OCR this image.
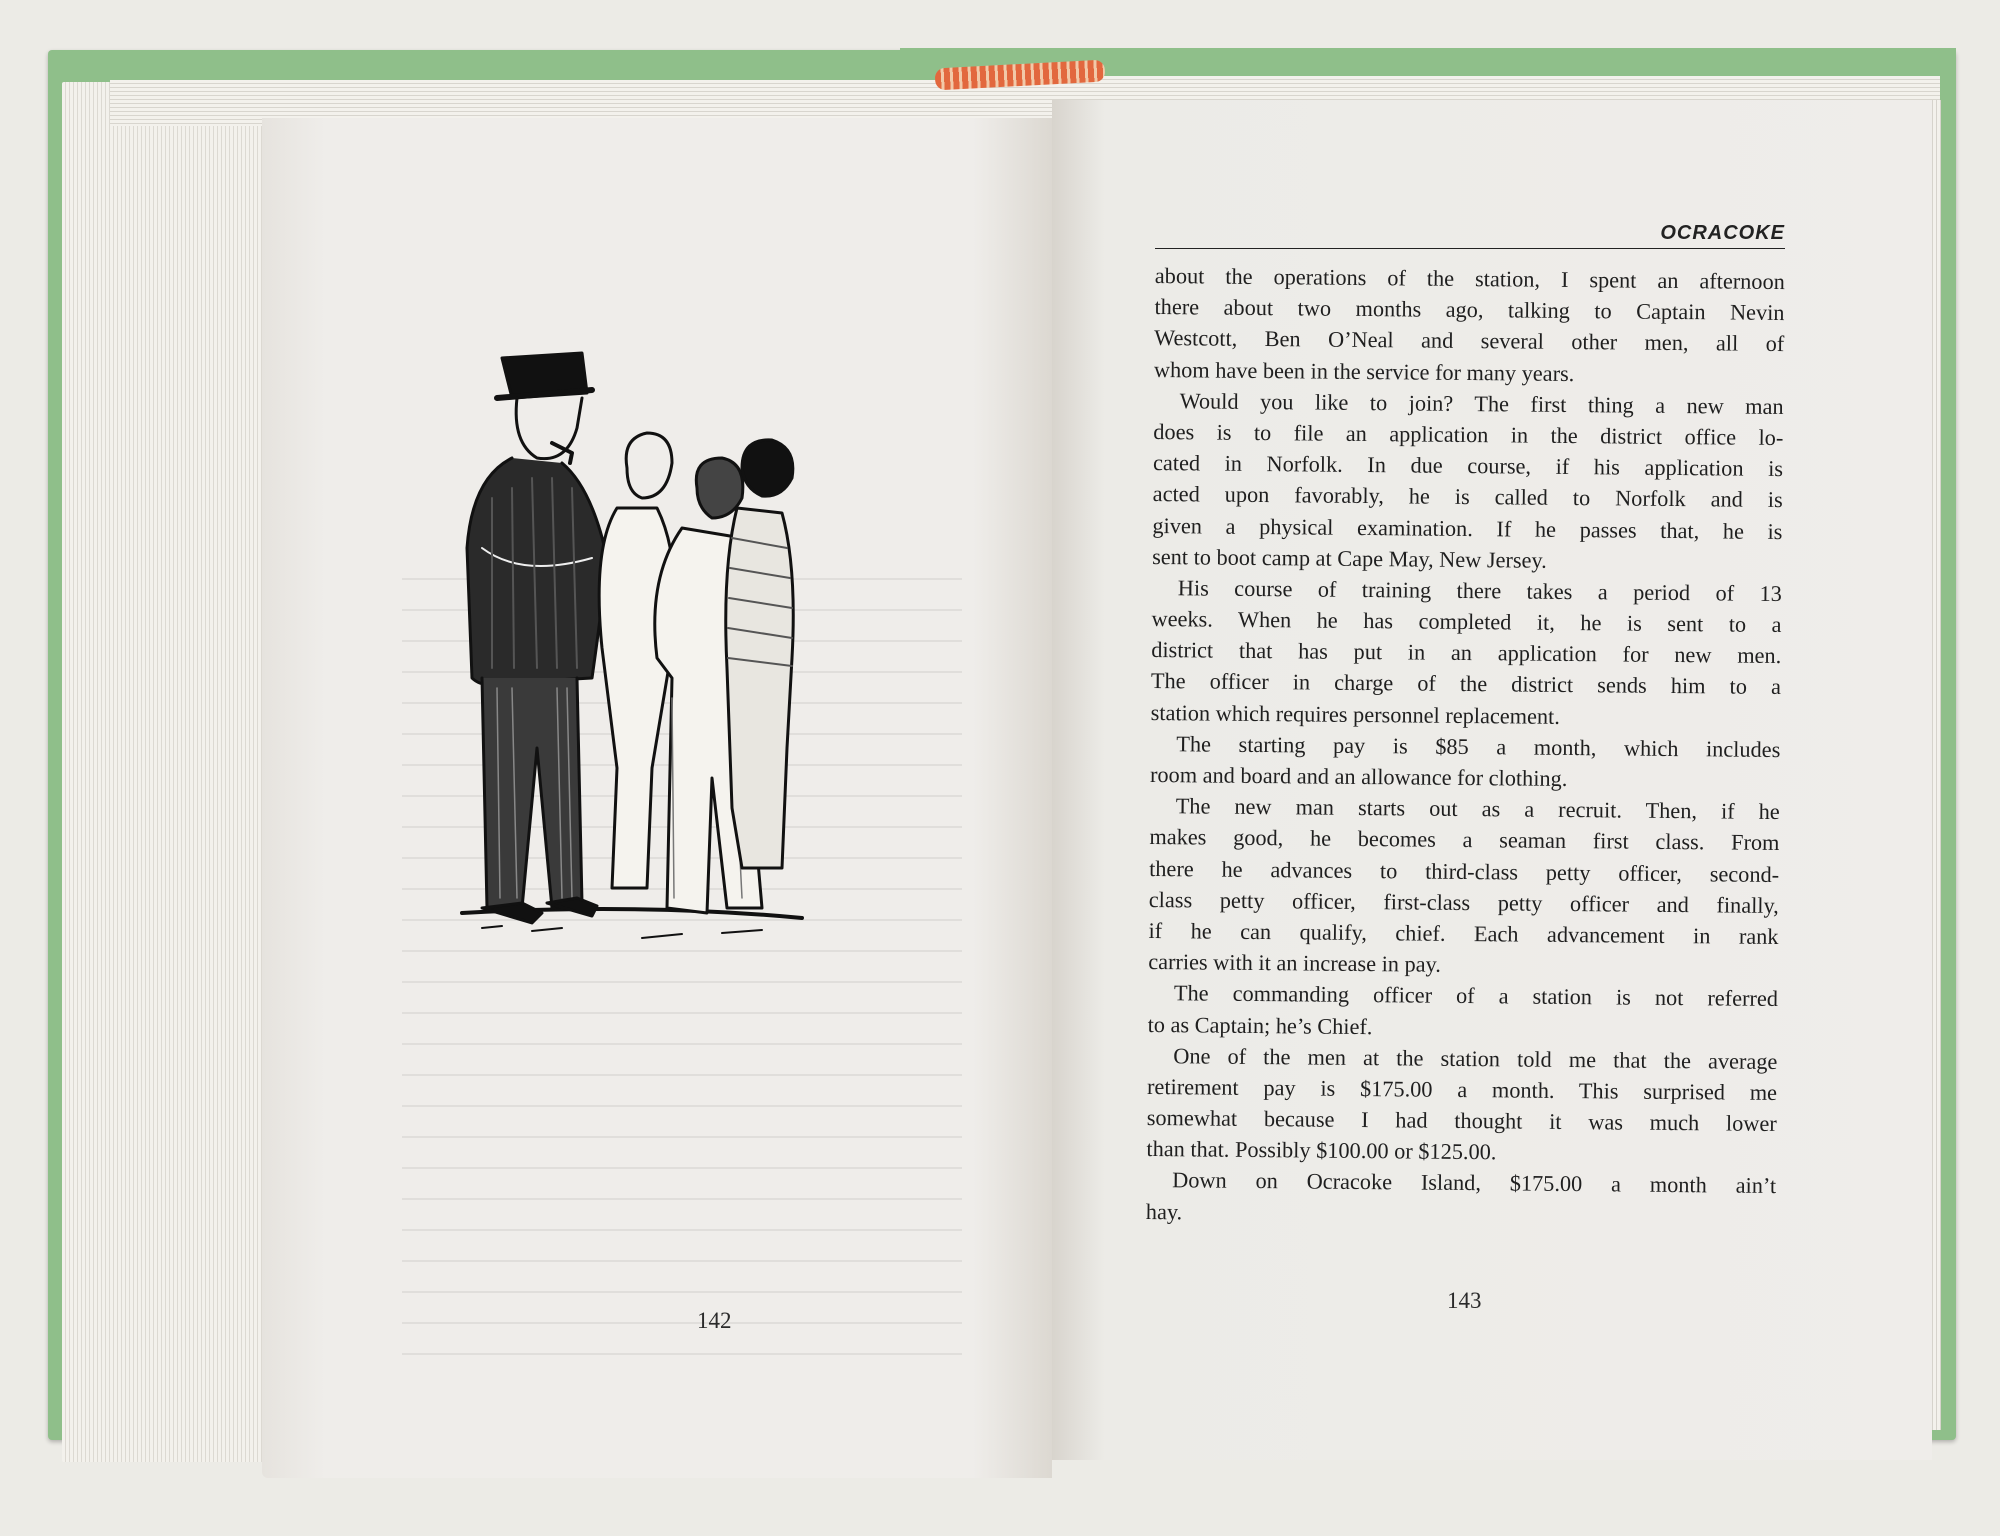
142
OCRACOKE
about the operations of the station, I spent an afternoon
there about two months ago, talking to Captain Nevin
Westcott, Ben O’Neal and several other men, all of
whom have been in the service for many years.
Would you like to join? The first thing a new man
does is to file an application in the district office lo-
cated in Norfolk. In due course, if his application is
acted upon favorably, he is called to Norfolk and is
given a physical examination. If he passes that, he is
sent to boot camp at Cape May, New Jersey.
His course of training there takes a period of 13
weeks. When he has completed it, he is sent to a
district that has put in an application for new men.
The officer in charge of the district sends him to a
station which requires personnel replacement.
The starting pay is $85 a month, which includes
room and board and an allowance for clothing.
The new man starts out as a recruit. Then, if he
makes good, he becomes a seaman first class. From
there he advances to third-class petty officer, second-
class petty officer, first-class petty officer and finally,
if he can qualify, chief. Each advancement in rank
carries with it an increase in pay.
The commanding officer of a station is not referred
to as Captain; he’s Chief.
One of the men at the station told me that the average
retirement pay is $175.00 a month. This surprised me
somewhat because I had thought it was much lower
than that. Possibly $100.00 or $125.00.
Down on Ocracoke Island, $175.00 a month ain’t
hay.
143
